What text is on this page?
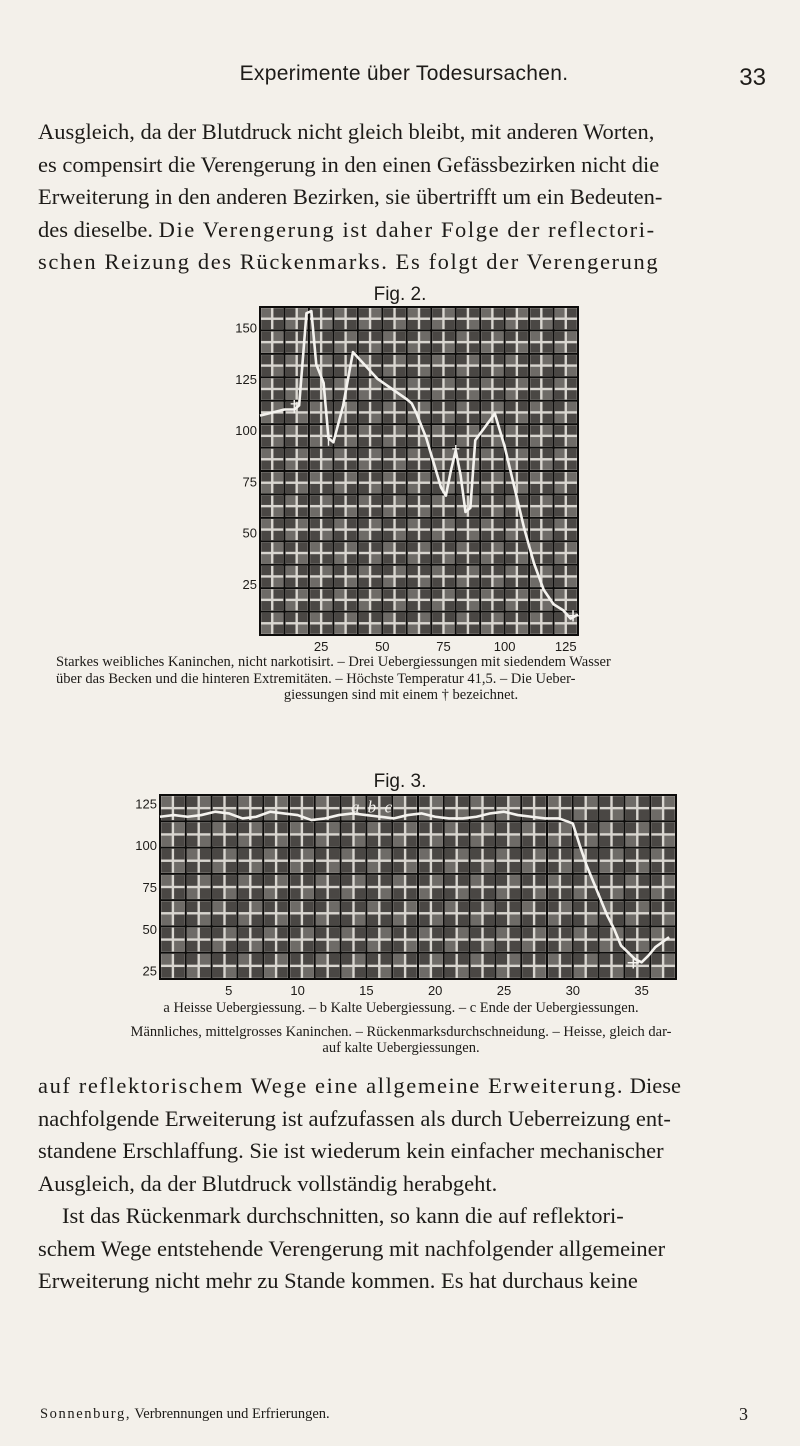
Experimente über Todesursachen.	33
Ausgleich, da der Blutdruck nicht gleich bleibt, mit anderen Worten,
es compensirt die Verengerung in den einen Gefässbezirken nicht die
Erweiterung in den anderen Bezirken, sie übertrifft um ein Bedeuten-
des dieselbe. Die Verengerung ist daher Folge der reflectori-
schen Reizung des Rückenmarks. Es folgt der Verengerung
Fig. 2.
Fig. 3.
25
50
75
100
125
150
25	50	75	100	125
†
†
†
+
25
50
75
100
125
5	10	15	20	25	30	35
a b c
+
Starkes weibliches Kaninchen, nicht narkotisirt. – Drei Uebergiessungen mit siedendem Wasser
über das Becken und die hinteren Extremitäten. – Höchste Temperatur 41,5. – Die Ueber-
giessungen sind mit einem † bezeichnet.
a Heisse Uebergiessung. – b Kalte Uebergiessung. – c Ende der Uebergiessungen.
Männliches, mittelgrosses Kaninchen. – Rückenmarksdurchschneidung. – Heisse, gleich dar-
auf kalte Uebergiessungen.
auf reflektorischem Wege eine allgemeine Erweiterung. Diese
nachfolgende Erweiterung ist aufzufassen als durch Ueberreizung ent-
standene Erschlaffung. Sie ist wiederum kein einfacher mechanischer
Ausgleich, da der Blutdruck vollständig herabgeht.
Ist das Rückenmark durchschnitten, so kann die auf reflektori-
schem Wege entstehende Verengerung mit nachfolgender allgemeiner
Erweiterung nicht mehr zu Stande kommen. Es hat durchaus keine
Sonnenburg, Verbrennungen und Erfrierungen.	3
